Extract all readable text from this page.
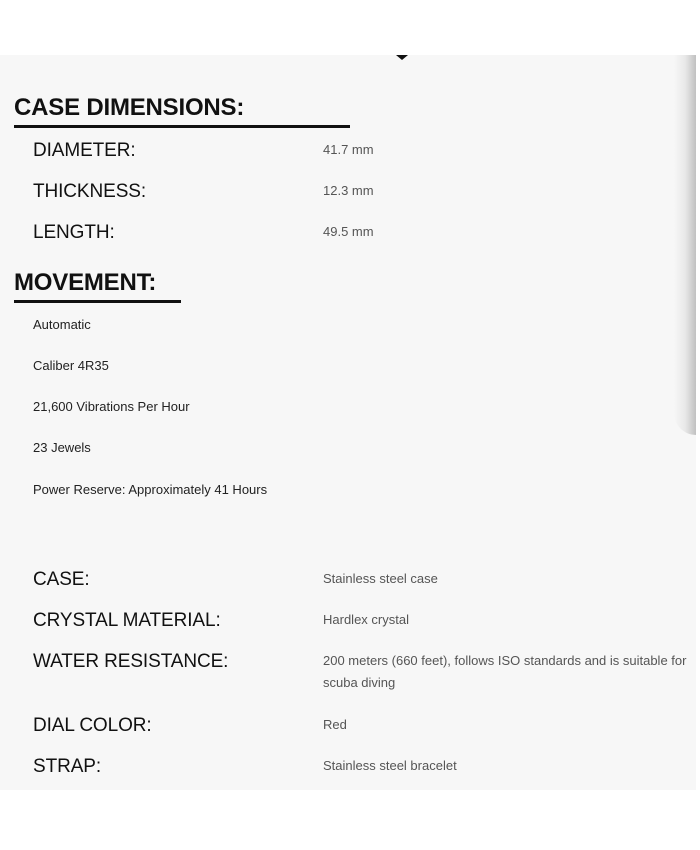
CASE DIMENSIONS:
DIAMETER:	41.7 mm
THICKNESS:	12.3 mm
LENGTH:	49.5 mm
MOVEMENT:
Automatic
Caliber 4R35
21,600 Vibrations Per Hour
23 Jewels
Power Reserve: Approximately 41 Hours
CASE:	Stainless steel case
CRYSTAL MATERIAL:	Hardlex crystal
WATER RESISTANCE:	200 meters (660 feet), follows ISO standards and is suitable for scuba diving
DIAL COLOR:	Red
STRAP:	Stainless steel bracelet
